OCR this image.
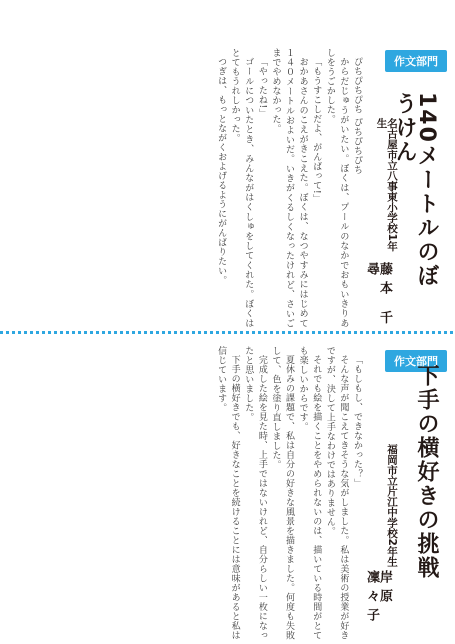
作文部門
140メートルのぼうけん
名古屋市立八事東小学校1年生
藤本 千尋

ぴちぴちぴち ぴちぴちぴち

からだじゅうがいたい。ぼくは、プールのなかでおもいきりあしをうごかした。

「もうすこしだよ、がんばって!」

おかあさんのこえがきこえた。ぼくは、なつやすみにはじめて１４０メートルおよいだ。いきがくるしくなったけれど、さいごまでやめなかった。

「やったね!」

ゴールについたとき、みんながはくしゅをしてくれた。ぼくはとてもうれしかった。

つぎは、もっとながくおよげるようにがんばりたい。

作文部門
下手の横好きの挑戦
福岡市立片江中学校2年生
岸原 凜々子

「もしもし、できなかった？」

そんな声が聞こえてきそうな気がしました。私は美術の授業が好きですが、決して上手なわけではありません。

それでも絵を描くことをやめられないのは、描いている時間がとても楽しいからです。

夏休みの課題で、私は自分の好きな風景を描きました。何度も失敗して、色を塗り直しました。

完成した絵を見た時、上手ではないけれど、自分らしい一枚になったと思いました。

下手の横好きでも、好きなことを続けることには意味があると私は信じています。
